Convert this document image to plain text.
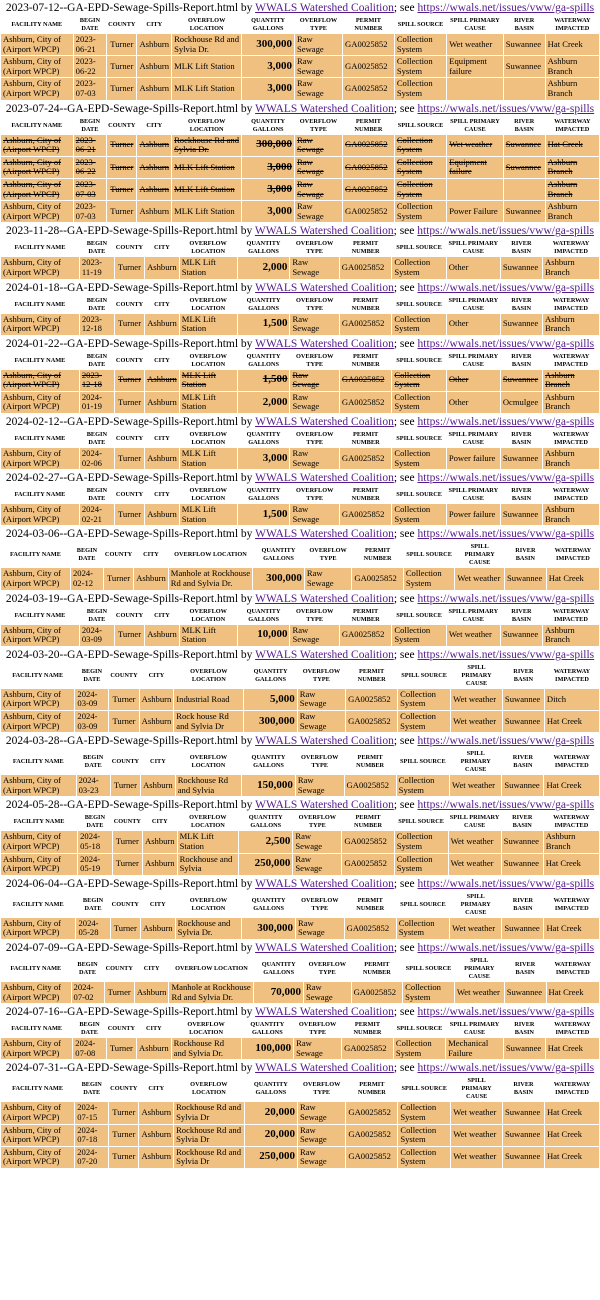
2023-07-12--GA-EPD-Sewage-Spills-Report.html by WWALS Watershed Coalition; see https://wwals.net/issues/vww/ga-spills
FACILITY NAME	BEGIN DATE	COUNTY	CITY	OVERFLOW LOCATION	QUANTITY GALLONS	OVERFLOW TYPE	PERMIT NUMBER	SPILL SOURCE	SPILL PRIMARY CAUSE	RIVER BASIN	WATERWAY IMPACTED
Ashburn, City of (Airport WPCP)	2023-06-21	Turner	Ashburn	Rockhouse Rd and Sylvia Dr.	300,000	Raw Sewage	GA0025852	Collection System	Wet weather	Suwannee	Hat Creek
Ashburn, City of (Airport WPCP)	2023-06-22	Turner	Ashburn	MLK Lift Station	3,000	Raw Sewage	GA0025852	Collection System	Equipment failure	Suwannee	Ashburn Branch
Ashburn, City of (Airport WPCP)	2023-07-03	Turner	Ashburn	MLK Lift Station	3,000	Raw Sewage	GA0025852	Collection System			Ashburn Branch
2023-07-24--GA-EPD-Sewage-Spills-Report.html by WWALS Watershed Coalition; see https://wwals.net/issues/vww/ga-spills
FACILITY NAME	BEGIN DATE	COUNTY	CITY	OVERFLOW LOCATION	QUANTITY GALLONS	OVERFLOW TYPE	PERMIT NUMBER	SPILL SOURCE	SPILL PRIMARY CAUSE	RIVER BASIN	WATERWAY IMPACTED
Ashburn, City of (Airport WPCP)	2023-06-21	Turner	Ashburn	Rockhouse Rd and Sylvia Dr.	300,000	Raw Sewage	GA0025852	Collection System	Wet weather	Suwannee	Hat Creek
Ashburn, City of (Airport WPCP)	2023-06-22	Turner	Ashburn	MLK Lift Station	3,000	Raw Sewage	GA0025852	Collection System	Equipment failure	Suwannee	Ashburn Branch
Ashburn, City of (Airport WPCP)	2023-07-03	Turner	Ashburn	MLK Lift Station	3,000	Raw Sewage	GA0025852	Collection System			Ashburn Branch
Ashburn, City of (Airport WPCP)	2023-07-03	Turner	Ashburn	MLK Lift Station	3,000	Raw Sewage	GA0025852	Collection System	Power Failure	Suwannee	Ashburn Branch
2023-11-28--GA-EPD-Sewage-Spills-Report.html by WWALS Watershed Coalition; see https://wwals.net/issues/vww/ga-spills
FACILITY NAME	BEGIN DATE	COUNTY	CITY	OVERFLOW LOCATION	QUANTITY GALLONS	OVERFLOW TYPE	PERMIT NUMBER	SPILL SOURCE	SPILL PRIMARY CAUSE	RIVER BASIN	WATERWAY IMPACTED
Ashburn, City of (Airport WPCP)	2023-11-19	Turner	Ashburn	MLK Lift Station	2,000	Raw Sewage	GA0025852	Collection System	Other	Suwannee	Ashburn Branch
2024-01-18--GA-EPD-Sewage-Spills-Report.html by WWALS Watershed Coalition; see https://wwals.net/issues/vww/ga-spills
FACILITY NAME	BEGIN DATE	COUNTY	CITY	OVERFLOW LOCATION	QUANTITY GALLONS	OVERFLOW TYPE	PERMIT NUMBER	SPILL SOURCE	SPILL PRIMARY CAUSE	RIVER BASIN	WATERWAY IMPACTED
Ashburn, City of (Airport WPCP)	2023-12-18	Turner	Ashburn	MLK Lift Station	1,500	Raw Sewage	GA0025852	Collection System	Other	Suwannee	Ashburn Branch
2024-01-22--GA-EPD-Sewage-Spills-Report.html by WWALS Watershed Coalition; see https://wwals.net/issues/vww/ga-spills
FACILITY NAME	BEGIN DATE	COUNTY	CITY	OVERFLOW LOCATION	QUANTITY GALLONS	OVERFLOW TYPE	PERMIT NUMBER	SPILL SOURCE	SPILL PRIMARY CAUSE	RIVER BASIN	WATERWAY IMPACTED
Ashburn, City of (Airport WPCP)	2023-12-18	Turner	Ashburn	MLK Lift Station	1,500	Raw Sewage	GA0025852	Collection System	Other	Suwannee	Ashburn Branch
Ashburn, City of (Airport WPCP)	2024-01-19	Turner	Ashburn	MLK Lift Station	2,000	Raw Sewage	GA0025852	Collection System	Other	Ocmulgee	Ashburn Branch
2024-02-12--GA-EPD-Sewage-Spills-Report.html by WWALS Watershed Coalition; see https://wwals.net/issues/vww/ga-spills
FACILITY NAME	BEGIN DATE	COUNTY	CITY	OVERFLOW LOCATION	QUANTITY GALLONS	OVERFLOW TYPE	PERMIT NUMBER	SPILL SOURCE	SPILL PRIMARY CAUSE	RIVER BASIN	WATERWAY IMPACTED
Ashburn, City of (Airport WPCP)	2024-02-06	Turner	Ashburn	MLK Lift Station	3,000	Raw Sewage	GA0025852	Collection System	Power failure	Suwannee	Ashburn Branch
2024-02-27--GA-EPD-Sewage-Spills-Report.html by WWALS Watershed Coalition; see https://wwals.net/issues/vww/ga-spills
FACILITY NAME	BEGIN DATE	COUNTY	CITY	OVERFLOW LOCATION	QUANTITY GALLONS	OVERFLOW TYPE	PERMIT NUMBER	SPILL SOURCE	SPILL PRIMARY CAUSE	RIVER BASIN	WATERWAY IMPACTED
Ashburn, City of (Airport WPCP)	2024-02-21	Turner	Ashburn	MLK Lift Station	1,500	Raw Sewage	GA0025852	Collection System	Power failure	Suwannee	Ashburn Branch
2024-03-06--GA-EPD-Sewage-Spills-Report.html by WWALS Watershed Coalition; see https://wwals.net/issues/vww/ga-spills
FACILITY NAME	BEGIN DATE	COUNTY	CITY	OVERFLOW LOCATION	QUANTITY GALLONS	OVERFLOW TYPE	PERMIT NUMBER	SPILL SOURCE	SPILL PRIMARY CAUSE	RIVER BASIN	WATERWAY IMPACTED
Ashburn, City of (Airport WPCP)	2024-02-12	Turner	Ashburn	Manhole at Rockhouse Rd and Sylvia Dr.	300,000	Raw Sewage	GA0025852	Collection System	Wet weather	Suwannee	Hat Creek
2024-03-19--GA-EPD-Sewage-Spills-Report.html by WWALS Watershed Coalition; see https://wwals.net/issues/vww/ga-spills
FACILITY NAME	BEGIN DATE	COUNTY	CITY	OVERFLOW LOCATION	QUANTITY GALLONS	OVERFLOW TYPE	PERMIT NUMBER	SPILL SOURCE	SPILL PRIMARY CAUSE	RIVER BASIN	WATERWAY IMPACTED
Ashburn, City of (Airport WPCP)	2024-03-09	Turner	Ashburn	MLK Lift Station	10,000	Raw Sewage	GA0025852	Collection System	Wet weather	Suwannee	Ashburn Branch
2024-03-20--GA-EPD-Sewage-Spills-Report.html by WWALS Watershed Coalition; see https://wwals.net/issues/vww/ga-spills
FACILITY NAME	BEGIN DATE	COUNTY	CITY	OVERFLOW LOCATION	QUANTITY GALLONS	OVERFLOW TYPE	PERMIT NUMBER	SPILL SOURCE	SPILL PRIMARY CAUSE	RIVER BASIN	WATERWAY IMPACTED
Ashburn, City of (Airport WPCP)	2024-03-09	Turner	Ashburn	Industrial Road	5,000	Raw Sewage	GA0025852	Collection System	Wet weather	Suwannee	Ditch
Ashburn, City of (Airport WPCP)	2024-03-09	Turner	Ashburn	Rock house Rd and Sylvia Dr	300,000	Raw Sewage	GA0025852	Collection System	Wet weather	Suwannee	Hat Creek
2024-03-28--GA-EPD-Sewage-Spills-Report.html by WWALS Watershed Coalition; see https://wwals.net/issues/vww/ga-spills
FACILITY NAME	BEGIN DATE	COUNTY	CITY	OVERFLOW LOCATION	QUANTITY GALLONS	OVERFLOW TYPE	PERMIT NUMBER	SPILL SOURCE	SPILL PRIMARY CAUSE	RIVER BASIN	WATERWAY IMPACTED
Ashburn, City of (Airport WPCP)	2024-03-23	Turner	Ashburn	Rockhouse Rd and Sylvia	150,000	Raw Sewage	GA0025852	Collection System	Wet weather	Suwannee	Hat Creek
2024-05-28--GA-EPD-Sewage-Spills-Report.html by WWALS Watershed Coalition; see https://wwals.net/issues/vww/ga-spills
FACILITY NAME	BEGIN DATE	COUNTY	CITY	OVERFLOW LOCATION	QUANTITY GALLONS	OVERFLOW TYPE	PERMIT NUMBER	SPILL SOURCE	SPILL PRIMARY CAUSE	RIVER BASIN	WATERWAY IMPACTED
Ashburn, City of (Airport WPCP)	2024-05-18	Turner	Ashburn	MLK Lift Station	2,500	Raw Sewage	GA0025852	Collection System	Wet weather	Suwannee	Ashburn Branch
Ashburn, City of (Airport WPCP)	2024-05-19	Turner	Ashburn	Rockhouse and Sylvia	250,000	Raw Sewage	GA0025852	Collection System	Wet weather	Suwannee	Hat Creek
2024-06-04--GA-EPD-Sewage-Spills-Report.html by WWALS Watershed Coalition; see https://wwals.net/issues/vww/ga-spills
FACILITY NAME	BEGIN DATE	COUNTY	CITY	OVERFLOW LOCATION	QUANTITY GALLONS	OVERFLOW TYPE	PERMIT NUMBER	SPILL SOURCE	SPILL PRIMARY CAUSE	RIVER BASIN	WATERWAY IMPACTED
Ashburn, City of (Airport WPCP)	2024-05-28	Turner	Ashburn	Rockhouse and Sylvia Dr.	300,000	Raw Sewage	GA0025852	Collection System	Wet weather	Suwannee	Hat Creek
2024-07-09--GA-EPD-Sewage-Spills-Report.html by WWALS Watershed Coalition; see https://wwals.net/issues/vww/ga-spills
FACILITY NAME	BEGIN DATE	COUNTY	CITY	OVERFLOW LOCATION	QUANTITY GALLONS	OVERFLOW TYPE	PERMIT NUMBER	SPILL SOURCE	SPILL PRIMARY CAUSE	RIVER BASIN	WATERWAY IMPACTED
Ashburn, City of (Airport WPCP)	2024-07-02	Turner	Ashburn	Manhole at Rockhouse Rd and Sylvia Dr.	70,000	Raw Sewage	GA0025852	Collection System	Wet weather	Suwannee	Hat Creek
2024-07-16--GA-EPD-Sewage-Spills-Report.html by WWALS Watershed Coalition; see https://wwals.net/issues/vww/ga-spills
FACILITY NAME	BEGIN DATE	COUNTY	CITY	OVERFLOW LOCATION	QUANTITY GALLONS	OVERFLOW TYPE	PERMIT NUMBER	SPILL SOURCE	SPILL PRIMARY CAUSE	RIVER BASIN	WATERWAY IMPACTED
Ashburn, City of (Airport WPCP)	2024-07-08	Turner	Ashburn	Rockhouse Rd and Sylvia Dr.	100,000	Raw Sewage	GA0025852	Collection System	Mechanical Failure	Suwannee	Hat Creek
2024-07-31--GA-EPD-Sewage-Spills-Report.html by WWALS Watershed Coalition; see https://wwals.net/issues/vww/ga-spills
FACILITY NAME	BEGIN DATE	COUNTY	CITY	OVERFLOW LOCATION	QUANTITY GALLONS	OVERFLOW TYPE	PERMIT NUMBER	SPILL SOURCE	SPILL PRIMARY CAUSE	RIVER BASIN	WATERWAY IMPACTED
Ashburn, City of (Airport WPCP)	2024-07-15	Turner	Ashburn	Rockhouse Rd and Sylvia Dr	20,000	Raw Sewage	GA0025852	Collection System	Wet weather	Suwannee	Hat Creek
Ashburn, City of (Airport WPCP)	2024-07-18	Turner	Ashburn	Rockhouse Rd and Sylvia Dr	20,000	Raw Sewage	GA0025852	Collection System	Wet weather	Suwannee	Hat Creek
Ashburn, City of (Airport WPCP)	2024-07-20	Turner	Ashburn	Rockhouse Rd and Sylvia Dr	250,000	Raw Sewage	GA0025852	Collection System	Wet weather	Suwannee	Hat Creek
